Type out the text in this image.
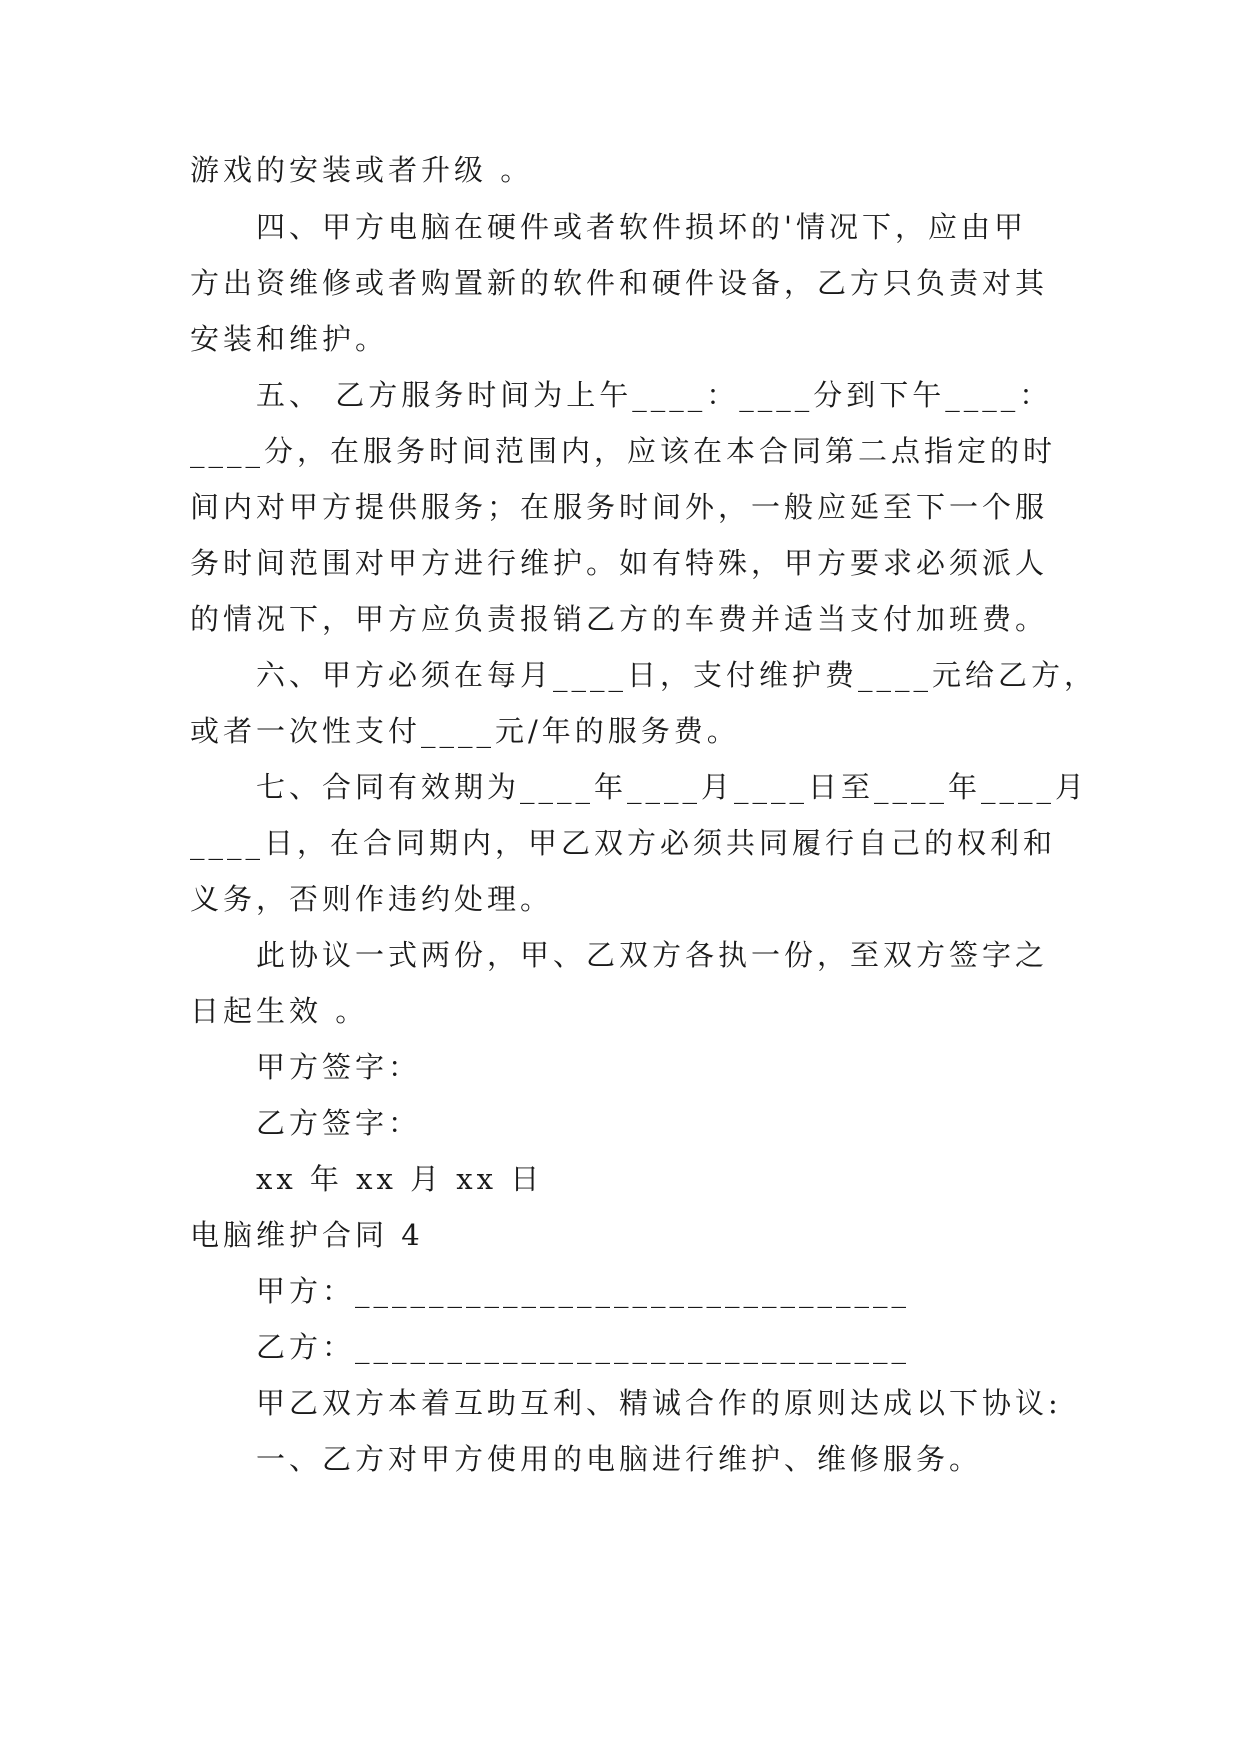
游戏的安装或者升级 。
四、甲方电脑在硬件或者软件损坏的'情况下，应由甲
方出资维修或者购置新的软件和硬件设备，乙方只负责对其
安装和维护。
五、 乙方服务时间为上午____：____分到下午____：
____分，在服务时间范围内，应该在本合同第二点指定的时
间内对甲方提供服务；在服务时间外，一般应延至下一个服
务时间范围对甲方进行维护。如有特殊，甲方要求必须派人
的情况下，甲方应负责报销乙方的车费并适当支付加班费。
六、甲方必须在每月____日，支付维护费____元给乙方，
或者一次性支付____元/年的服务费。
七、合同有效期为____年____月____日至____年____月
____日，在合同期内，甲乙双方必须共同履行自己的权利和
义务，否则作违约处理。
此协议一式两份，甲、乙双方各执一份，至双方签字之
日起生效 。
甲方签字：
乙方签字：
xx 年 xx 月 xx 日
电脑维护合同 4
甲方：______________________________
乙方：______________________________
甲乙双方本着互助互利、精诚合作的原则达成以下协议:
一、乙方对甲方使用的电脑进行维护、维修服务。
